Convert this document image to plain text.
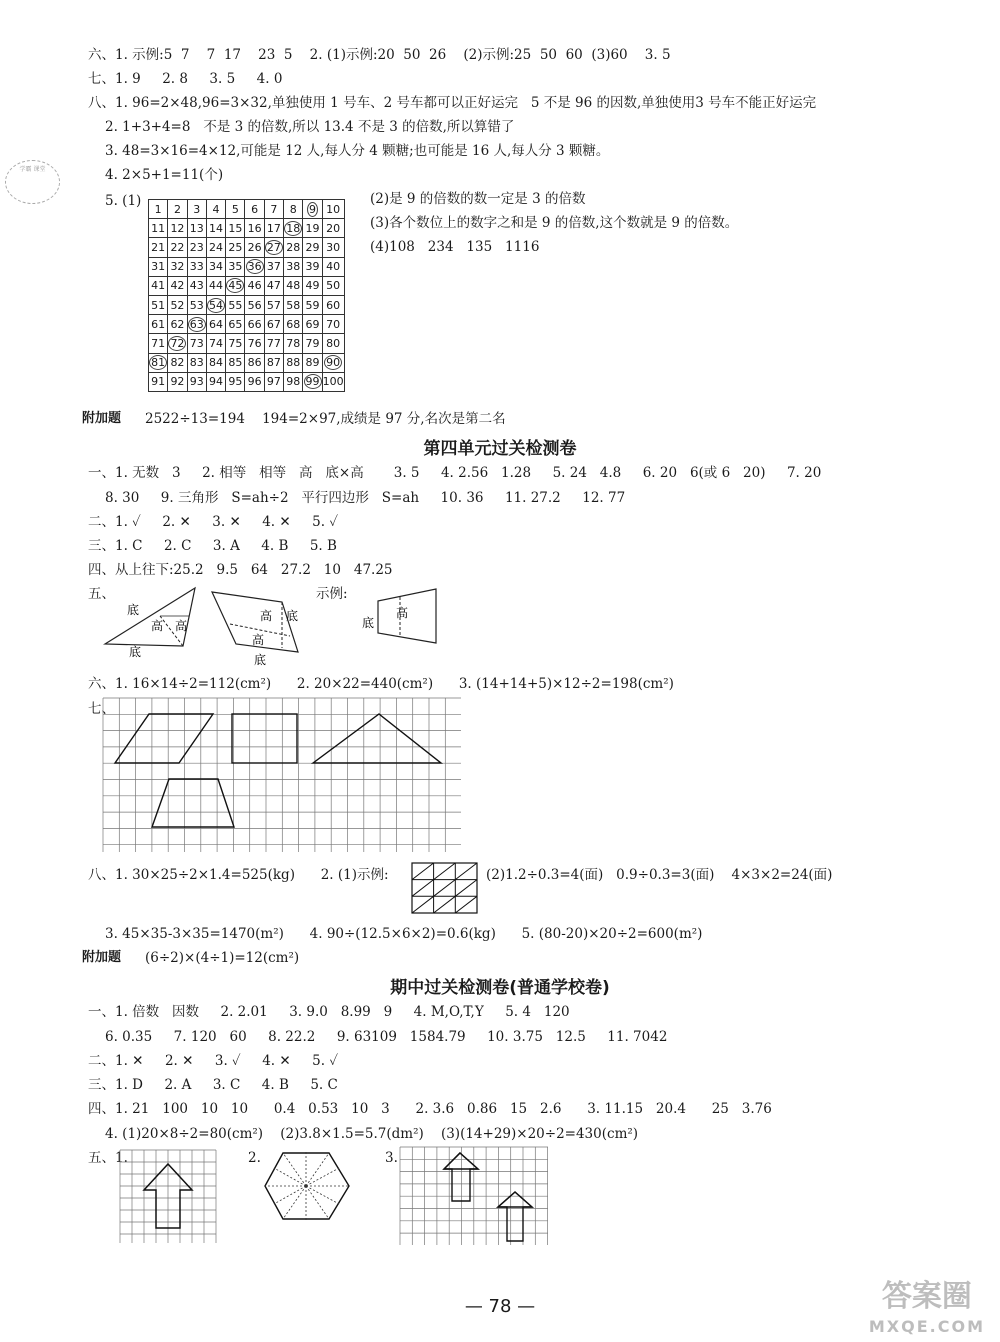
六、1. 示例:5  7    7  17    23  5    2. (1)示例:20  50  26    (2)示例:25  50  60  (3)60    3. 5
七、1. 9     2. 8     3. 5     4. 0
八、1. 96=2×48,96=3×32,单独使用 1 号车、2 号车都可以正好运完   5 不是 96 的因数,单独使用3 号车不能正好运完
2. 1+3+4=8   不是 3 的倍数,所以 13.4 不是 3 的倍数,所以算错了
3. 48=3×16=4×12,可能是 12 人,每人分 4 颗糖;也可能是 16 人,每人分 3 颗糖。
4. 2×5+1=11(个)
5. (1)
学霸 课堂
1	2	3	4	5	6	7	8	9	10
11	12	13	14	15	16	17	18	19	20
21	22	23	24	25	26	27	28	29	30
31	32	33	34	35	36	37	38	39	40
41	42	43	44	45	46	47	48	49	50
51	52	53	54	55	56	57	58	59	60
61	62	63	64	65	66	67	68	69	70
71	72	73	74	75	76	77	78	79	80
81	82	83	84	85	86	87	88	89	90
91	92	93	94	95	96	97	98	99	100
(2)是 9 的倍数的数一定是 3 的倍数
(3)各个数位上的数字之和是 9 的倍数,这个数就是 9 的倍数。
(4)108   234   135   1116
附加题 2522÷13=194    194=2×97,成绩是 97 分,名次是第二名
第四单元过关检测卷
一、1. 无数   3     2. 相等   相等   高   底×高       3. 5     4. 2.56   1.28     5. 24   4.8     6. 20   6(或 6   20)     7. 20
8. 30     9. 三角形   S=ah÷2   平行四边形   S=ah     10. 36     11. 27.2     12. 77
二、1. ✓     2. ✕     3. ✕     4. ✕     5. ✓
三、1. C     2. C     3. A     4. B     5. B
四、从上往下:25.2   9.5   64   27.2   10   47.25
五、	示例:
底
高 高
底
高 底
高
底
高
底
六、1. 16×14÷2=112(cm²)      2. 20×22=440(cm²)      3. (14+14+5)×12÷2=198(cm²)
七、
八、1. 30×25÷2×1.4=525(kg)      2. (1)示例:	(2)1.2÷0.3=4(面)   0.9÷0.3=3(面)    4×3×2=24(面)
3. 45×35-3×35=1470(m²)      4. 90÷(12.5×6×2)=0.6(kg)      5. (80-20)×20÷2=600(m²)
附加题 (6÷2)×(4÷1)=12(cm²)
期中过关检测卷(普通学校卷)
一、1. 倍数   因数     2. 2.01     3. 9.0   8.99   9     4. M,O,T,Y     5. 4   120
6. 0.35     7. 120   60     8. 22.2     9. 63109   1584.79     10. 3.75   12.5     11. 7042
二、1. ✕     2. ✕     3. ✓     4. ✕     5. ✓
三、1. D     2. A     3. C     4. B     5. C
四、1. 21   100   10   10      0.4   0.53   10   3      2. 3.6   0.86   15   2.6      3. 11.15   20.4      25   3.76
4. (1)20×8÷2=80(cm²)    (2)3.8×1.5=5.7(dm²)    (3)(14+29)×20÷2=430(cm²)
五、1.	2.	3.
— 78 —	答案圈
MXQE.COM
